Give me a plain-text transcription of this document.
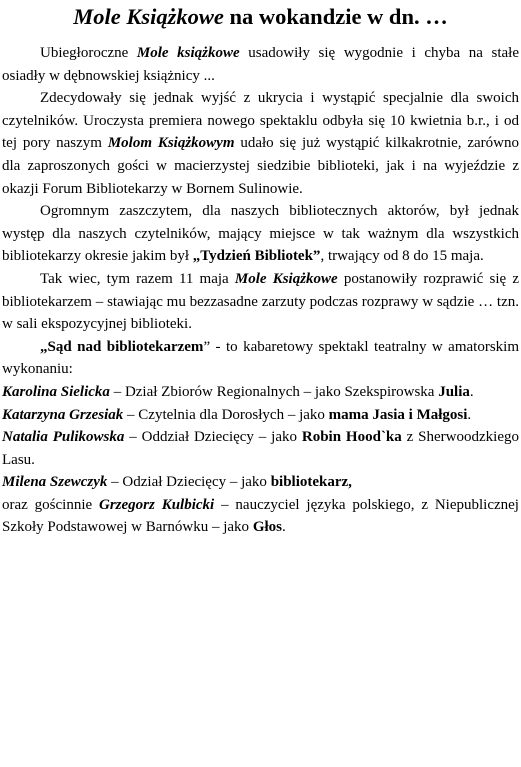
Mole Książkowe na wokandzie w dn. …

Ubiegłoroczne Mole książkowe usadowiły się wygodnie i chyba na stałe osiadły w dębnowskiej książnicy ...

Zdecydowały się jednak wyjść z ukrycia i wystąpić specjalnie dla swoich czytelników. Uroczysta premiera nowego spektaklu odbyła się 10 kwietnia b.r., i od tej pory naszym Molom Książkowym udało się już wystąpić kilkakrotnie, zarówno dla zaproszonych gości w macierzystej siedzibie biblioteki, jak i na wyjeździe z okazji Forum Bibliotekarzy w Bornem Sulinowie.

Ogromnym zaszczytem, dla naszych bibliotecznych aktorów, był jednak występ dla naszych czytelników, mający miejsce w tak ważnym dla wszystkich bibliotekarzy okresie jakim był „Tydzień Bibliotek”, trwający od 8 do 15 maja.

Tak wiec, tym razem 11 maja Mole Książkowe postanowiły rozprawić się z bibliotekarzem – stawiając mu bezzasadne zarzuty podczas rozprawy w sądzie … tzn. w sali ekspozycyjnej biblioteki.

„Sąd nad bibliotekarzem” - to kabaretowy spektakl teatralny w amatorskim wykonaniu:

Karolina Sielicka – Dział Zbiorów Regionalnych – jako Szekspirowska Julia.

Katarzyna Grzesiak – Czytelnia dla Dorosłych – jako mama Jasia i Małgosi.

Natalia Pulikowska – Oddział Dziecięcy – jako Robin Hood`ka z Sherwoodzkiego Lasu.

Milena Szewczyk – Odział Dziecięcy – jako bibliotekarz,

oraz gościnnie Grzegorz Kulbicki – nauczyciel języka polskiego, z Niepublicznej Szkoły Podstawowej w Barnówku – jako Głos.
